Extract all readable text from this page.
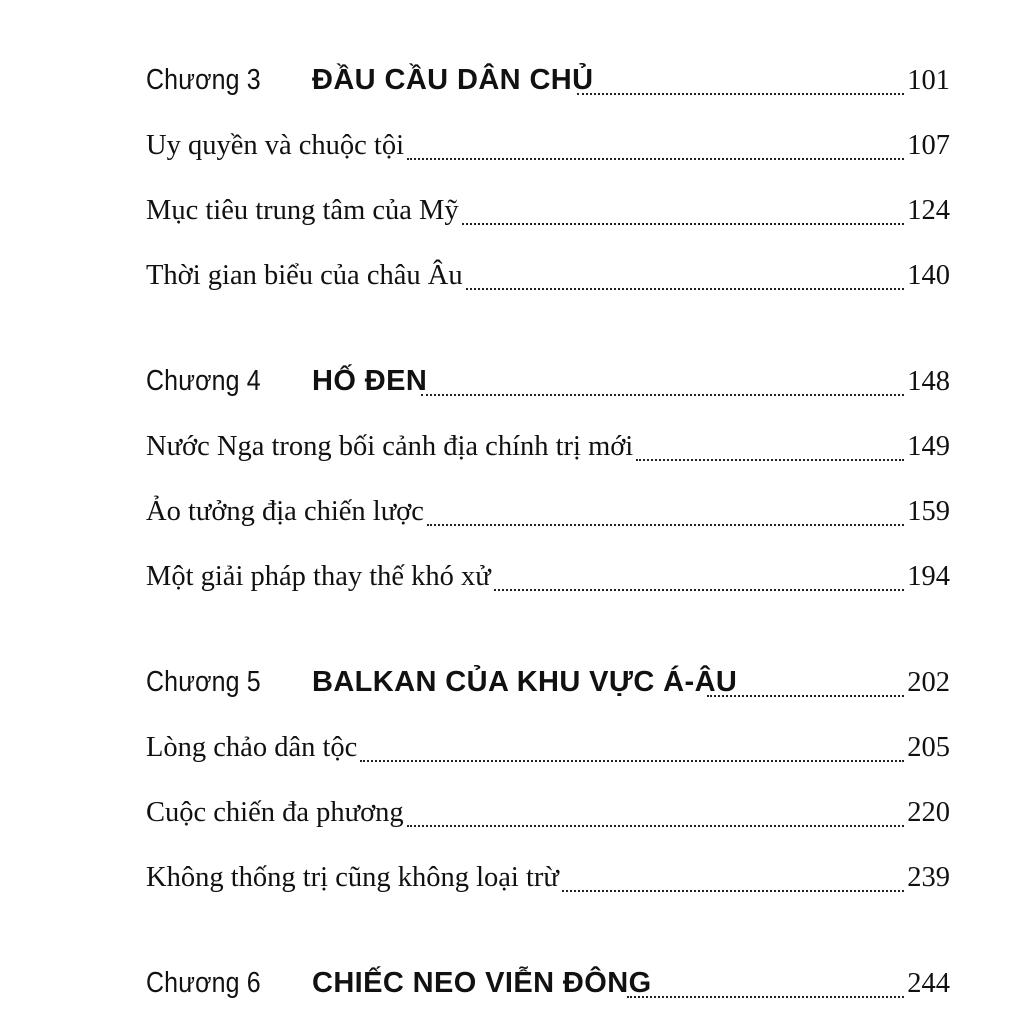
Chương 3	ĐẦU CẦU DÂN CHỦ	101
Uy quyền và chuộc tội	107
Mục tiêu trung tâm của Mỹ	124
Thời gian biểu của châu Âu	140
Chương 4	HỐ ĐEN	148
Nước Nga trong bối cảnh địa chính trị mới	149
Ảo tưởng địa chiến lược	159
Một giải pháp thay thế khó xử	194
Chương 5	BALKAN CỦA KHU VỰC Á-ÂU	202
Lòng chảo dân tộc	205
Cuộc chiến đa phương	220
Không thống trị cũng không loại trừ	239
Chương 6	CHIẾC NEO VIỄN ĐÔNG	244
